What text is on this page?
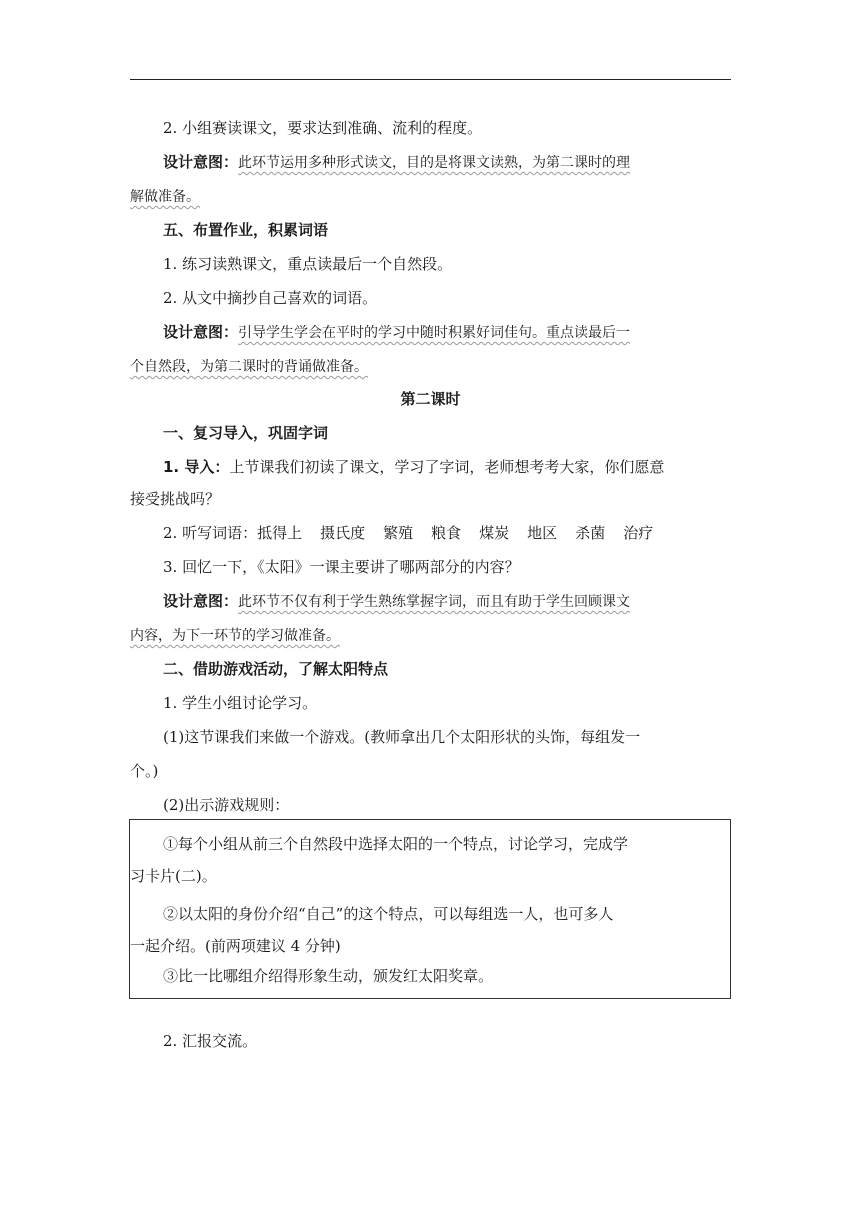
2. 小组赛读课文，要求达到准确、流利的程度。
设计意图：此环节运用多种形式读文，目的是将课文读熟，为第二课时的理
解做准备。
五、布置作业，积累词语
1. 练习读熟课文，重点读最后一个自然段。
2. 从文中摘抄自己喜欢的词语。
设计意图：引导学生学会在平时的学习中随时积累好词佳句。重点读最后一
个自然段，为第二课时的背诵做准备。
第二课时
一、复习导入，巩固字词
1. 导入：上节课我们初读了课文，学习了字词，老师想考考大家，你们愿意
接受挑战吗？
2. 听写词语：抵得上 摄氏度 繁殖 粮食 煤炭 地区 杀菌 治疗
3. 回忆一下，《太阳》一课主要讲了哪两部分的内容？
设计意图：此环节不仅有利于学生熟练掌握字词，而且有助于学生回顾课文
内容，为下一环节的学习做准备。
二、借助游戏活动，了解太阳特点
1. 学生小组讨论学习。
(1)这节课我们来做一个游戏。(教师拿出几个太阳形状的头饰，每组发一
个。)
(2)出示游戏规则：
①每个小组从前三个自然段中选择太阳的一个特点，讨论学习，完成学
习卡片(二)。
②以太阳的身份介绍“自己”的这个特点，可以每组选一人，也可多人
一起介绍。(前两项建议 4 分钟)
③比一比哪组介绍得形象生动，颁发红太阳奖章。
2. 汇报交流。
